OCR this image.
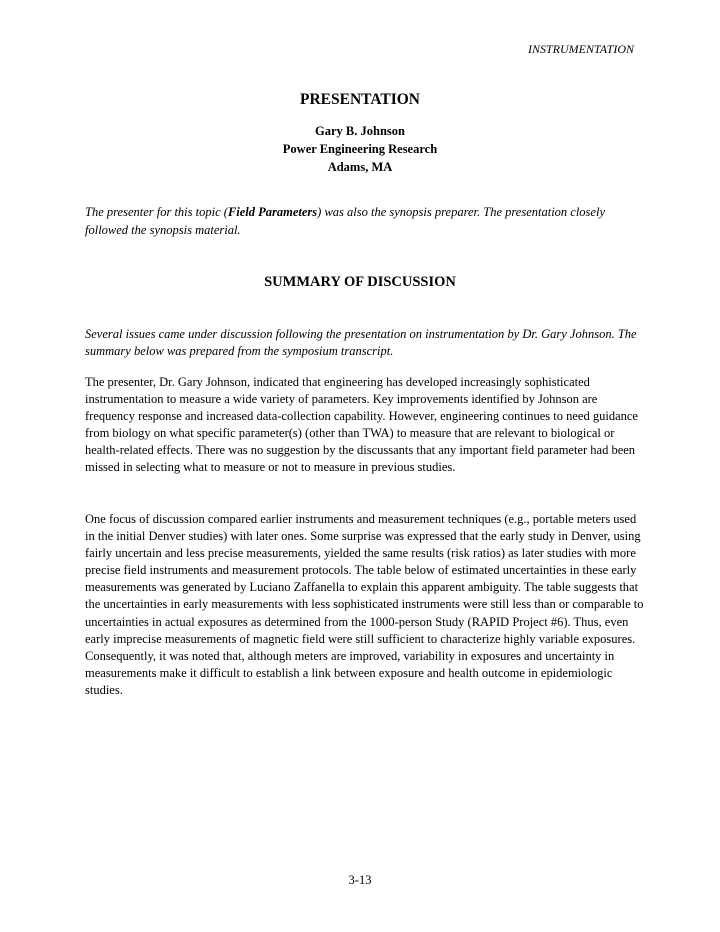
INSTRUMENTATION
PRESENTATION
Gary B. Johnson
Power Engineering Research
Adams, MA
The presenter for this topic (Field Parameters) was also the synopsis preparer. The presentation closely followed the synopsis material.
SUMMARY OF DISCUSSION
Several issues came under discussion following the presentation on instrumentation by Dr. Gary Johnson. The summary below was prepared from the symposium transcript.
The presenter, Dr. Gary Johnson, indicated that engineering has developed increasingly sophisticated instrumentation to measure a wide variety of parameters. Key improvements identified by Johnson are frequency response and increased data-collection capability. However, engineering continues to need guidance from biology on what specific parameter(s) (other than TWA) to measure that are relevant to biological or health-related effects. There was no suggestion by the discussants that any important field parameter had been missed in selecting what to measure or not to measure in previous studies.
One focus of discussion compared earlier instruments and measurement techniques (e.g., portable meters used in the initial Denver studies) with later ones. Some surprise was expressed that the early study in Denver, using fairly uncertain and less precise measurements, yielded the same results (risk ratios) as later studies with more precise field instruments and measurement protocols. The table below of estimated uncertainties in these early measurements was generated by Luciano Zaffanella to explain this apparent ambiguity. The table suggests that the uncertainties in early measurements with less sophisticated instruments were still less than or comparable to uncertainties in actual exposures as determined from the 1000-person Study (RAPID Project #6). Thus, even early imprecise measurements of magnetic field were still sufficient to characterize highly variable exposures. Consequently, it was noted that, although meters are improved, variability in exposures and uncertainty in measurements make it difficult to establish a link between exposure and health outcome in epidemiologic studies.
3-13
